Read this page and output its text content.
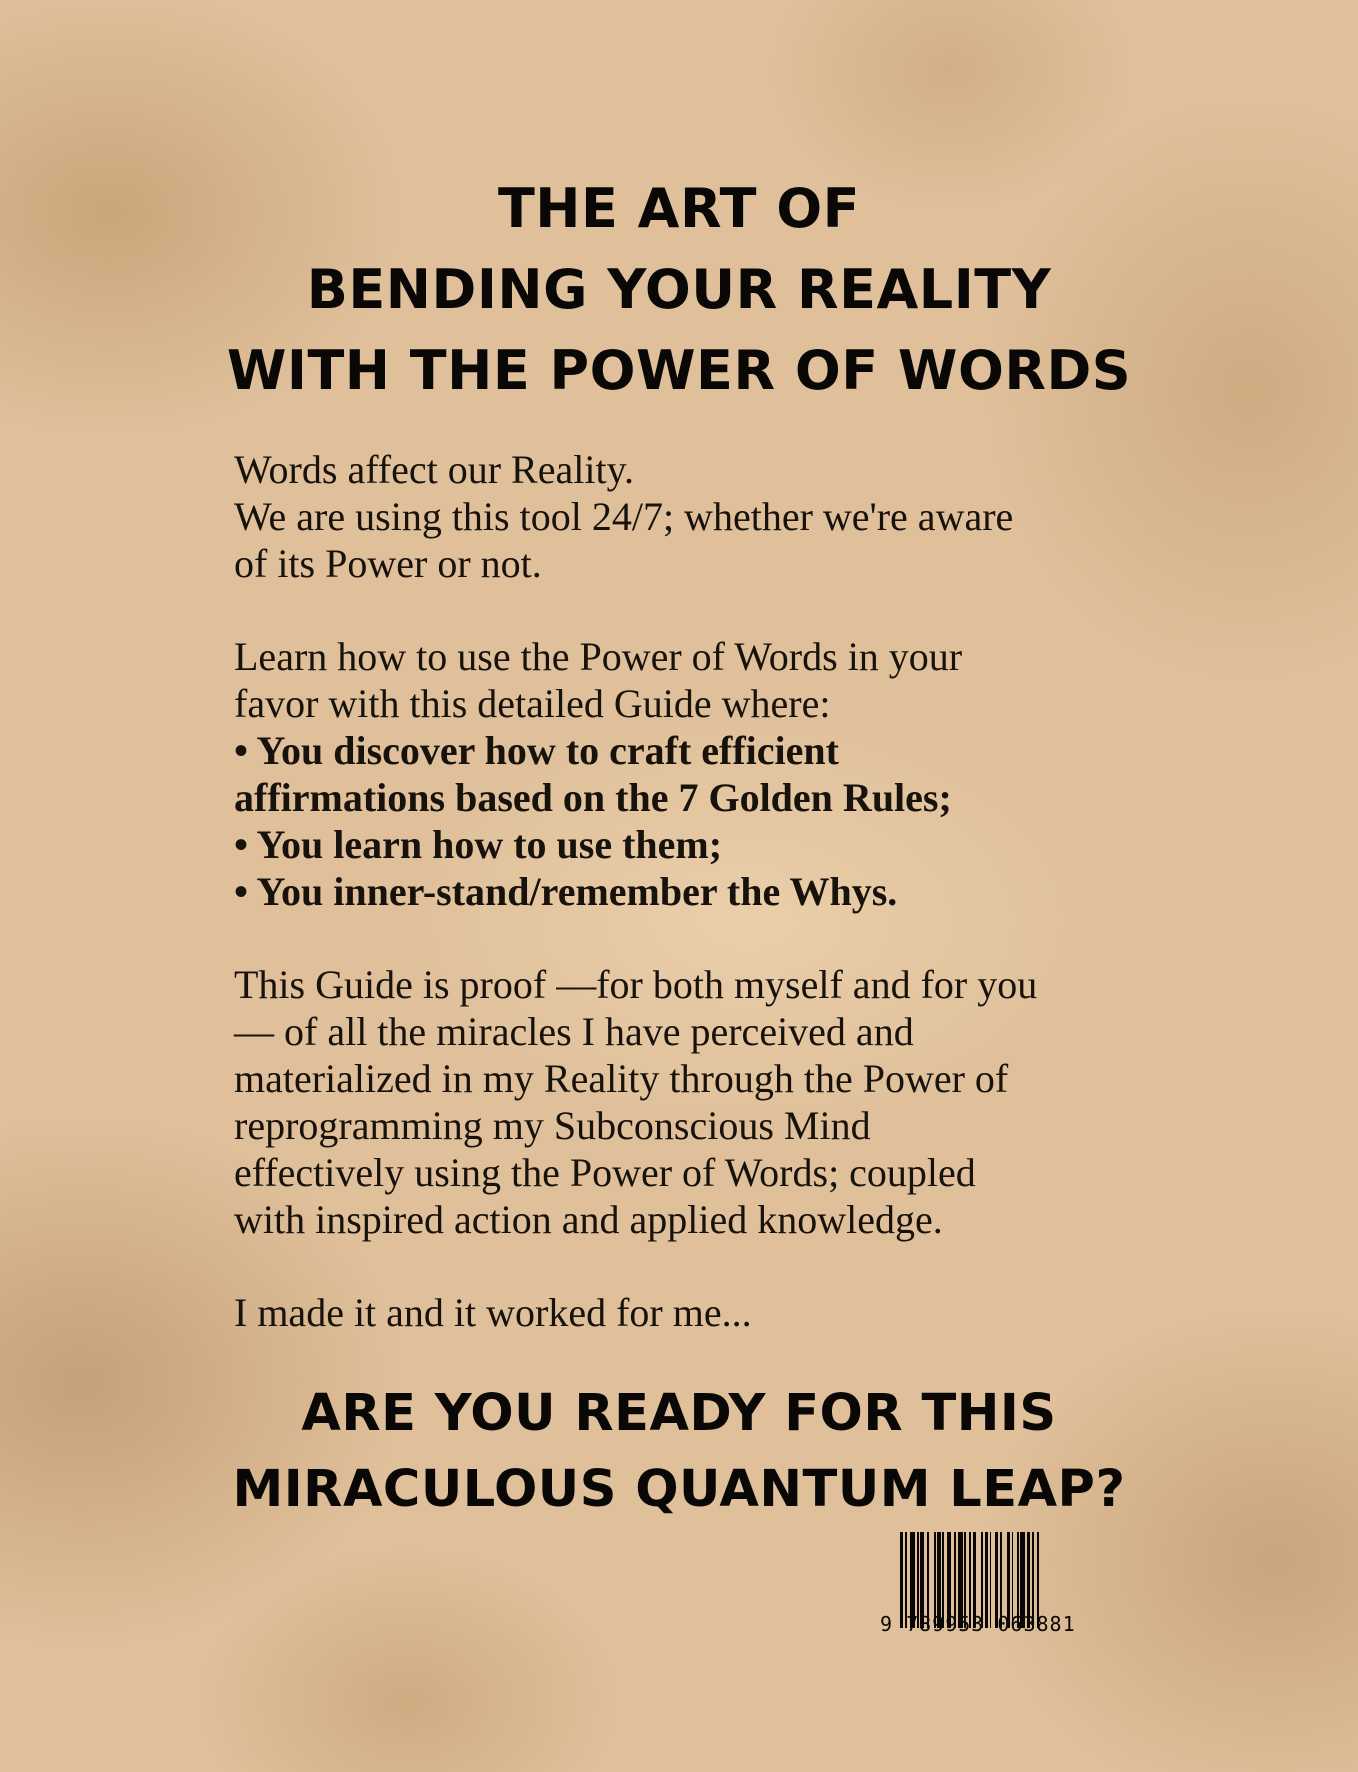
THE ART OF
BENDING YOUR REALITY
WITH THE POWER OF WORDS

Words affect our Reality.
We are using this tool 24/7; whether we're aware
of its Power or not.

Learn how to use the Power of Words in your
favor with this detailed Guide where:
• You discover how to craft efficient
affirmations based on the 7 Golden Rules;
• You learn how to use them;
• You inner-stand/remember the Whys.

This Guide is proof —for both myself and for you
— of all the miracles I have perceived and
materialized in my Reality through the Power of
reprogramming my Subconscious Mind
effectively using the Power of Words; coupled
with inspired action and applied knowledge.

I made it and it worked for me...

ARE YOU READY FOR THIS
MIRACULOUS QUANTUM LEAP?
9 789953 063881
